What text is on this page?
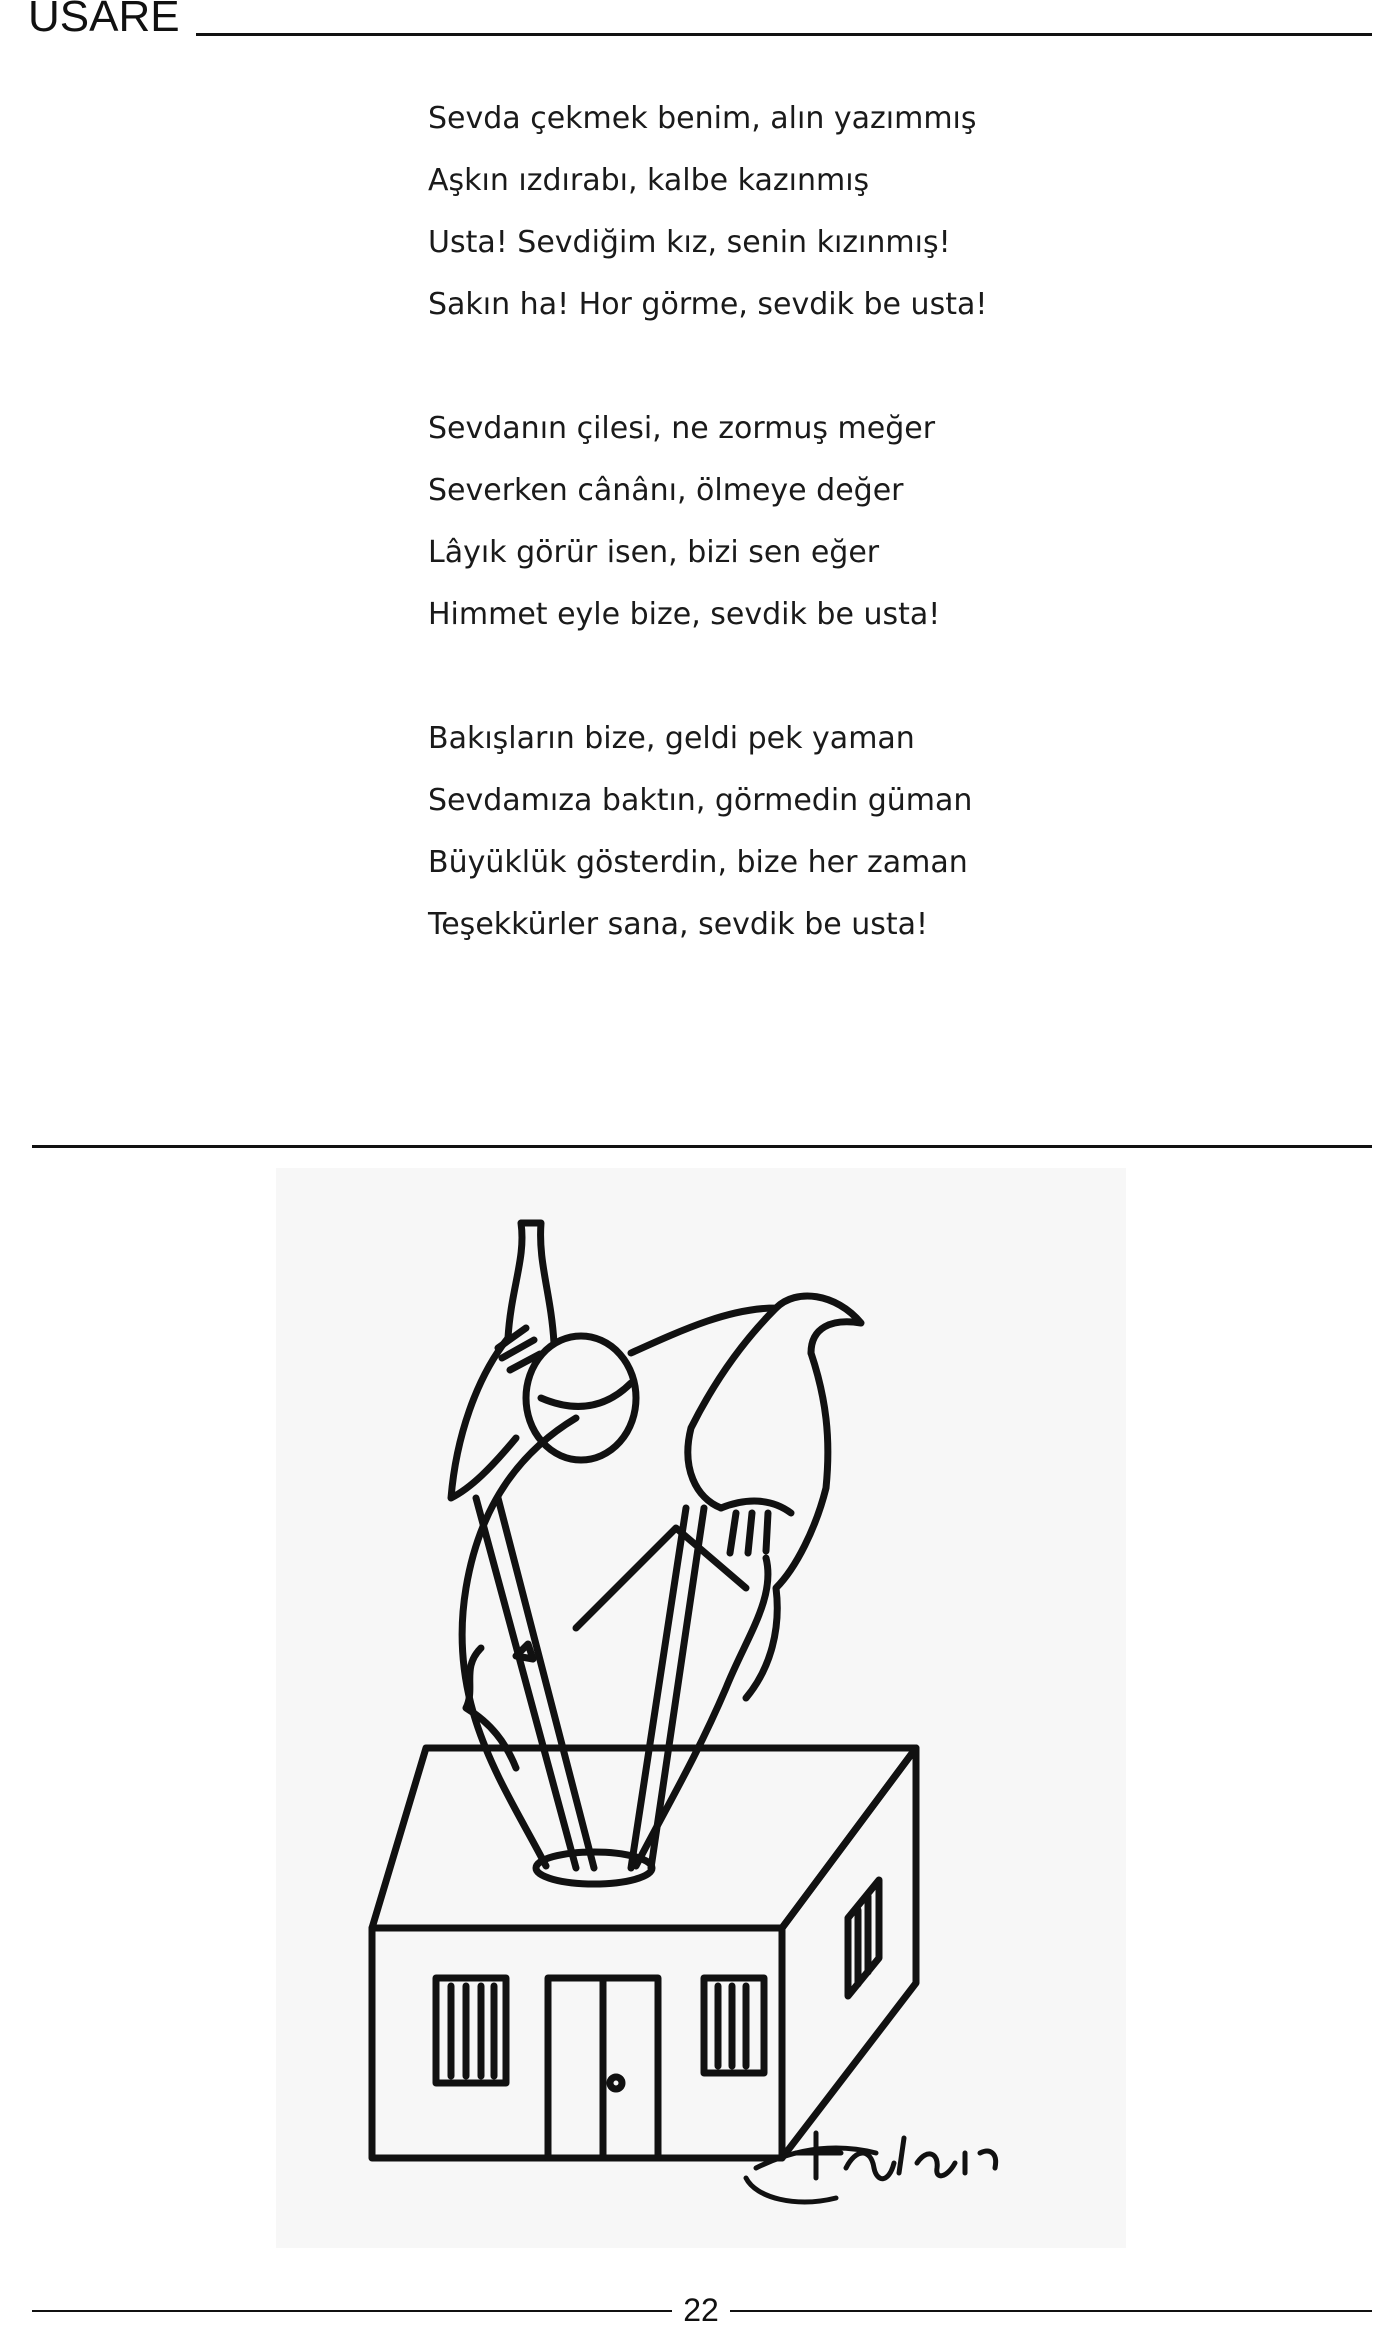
USARE
Sevda çekmek benim, alın yazımmış
Aşkın ızdırabı, kalbe kazınmış
Usta! Sevdiğim kız, senin kızınmış!
Sakın ha! Hor görme, sevdik be usta!
Sevdanın çilesi, ne zormuş meğer
Severken cânânı, ölmeye değer
Lâyık görür isen, bizi sen eğer
Himmet eyle bize, sevdik be usta!
Bakışların bize, geldi pek yaman
Sevdamıza baktın, görmedin güman
Büyüklük gösterdin, bize her zaman
Teşekkürler sana, sevdik be usta!
22
